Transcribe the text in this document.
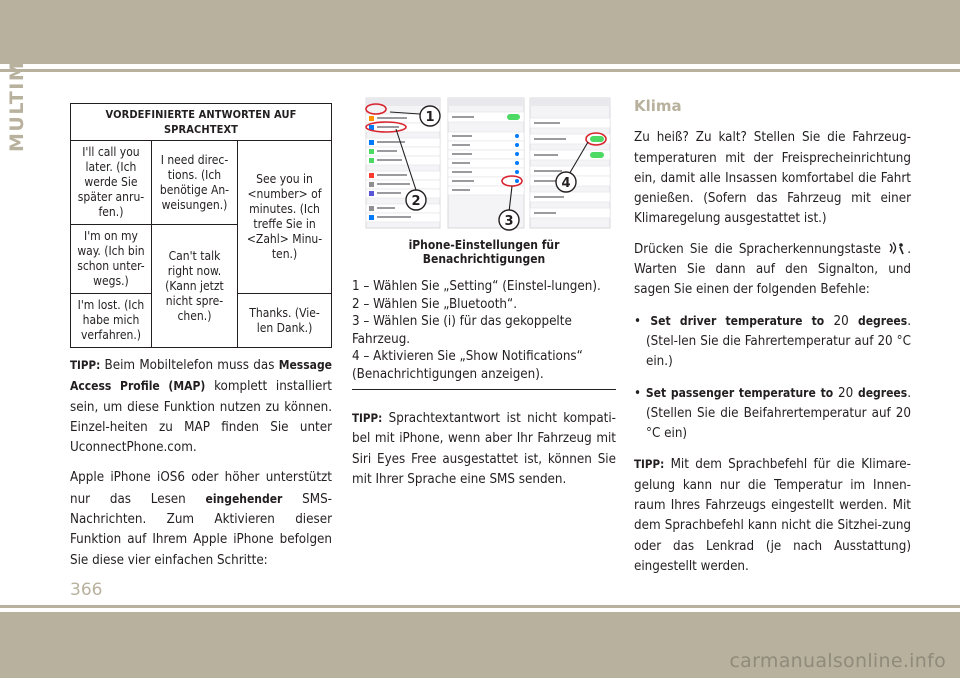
MULTIMEDIA	VORDEFINIERTE ANTWORTEN AUF SPRACHTEXT		
I'll call you later. (Ich werde Sie später anru-fen.)	I need direc-tions. (Ich benötige An-weisungen.)	See you in <number> of minutes. (Ich treffe Sie in <Zahl> Minu-ten.)
I'm on my way. (Ich bin schon unter-wegs.)	Can't talk right now. (Kann jetzt nicht spre-chen.)	
I'm lost. (Ich habe mich verfahren.)		Thanks. (Vie-len Dank.)

TIPP: Beim Mobiltelefon muss das Message Access Profile (MAP) komplett installiert sein, um diese Funktion nutzen zu können. Einzel-heiten zu MAP finden Sie unter UconnectPhone.com.

Apple iPhone iOS6 oder höher unterstützt nur das Lesen eingehender SMS-Nachrichten. Zum Aktivieren dieser Funktion auf Ihrem Apple iPhone befolgen Sie diese vier einfachen Schritte:

1
2
3
4
iPhone-Einstellungen für Benachrichtigungen
1 – Wählen Sie „Setting“ (Einstel-lungen).
2 – Wählen Sie „Bluetooth“.
3 – Wählen Sie (i) für das gekoppelte Fahrzeug.
4 – Aktivieren Sie „Show Notifications“ (Benachrichtigungen anzeigen).

TIPP: Sprachtextantwort ist nicht kompati-bel mit iPhone, wenn aber Ihr Fahrzeug mit Siri Eyes Free ausgestattet ist, können Sie mit Ihrer Sprache eine SMS senden.

Klima

Zu heiß? Zu kalt? Stellen Sie die Fahrzeug-temperaturen mit der Freisprecheinrichtung ein, damit alle Insassen komfortabel die Fahrt genießen. (Sofern das Fahrzeug mit einer Klimaregelung ausgestattet ist.)

Drücken Sie die Spracherkennungstaste . Warten Sie dann auf den Signalton, und sagen Sie einen der folgenden Befehle:

• Set driver temperature to 20 degrees. (Stel-len Sie die Fahrertemperatur auf 20 °C ein.)
• Set passenger temperature to 20 degrees. (Stellen Sie die Beifahrertemperatur auf 20 °C ein)

TIPP: Mit dem Sprachbefehl für die Klimare-gelung kann nur die Temperatur im Innen-raum Ihres Fahrzeugs eingestellt werden. Mit dem Sprachbefehl kann nicht die Sitzhei-zung oder das Lenkrad (je nach Ausstattung) eingestellt werden.

366
carmanualsonline.info
